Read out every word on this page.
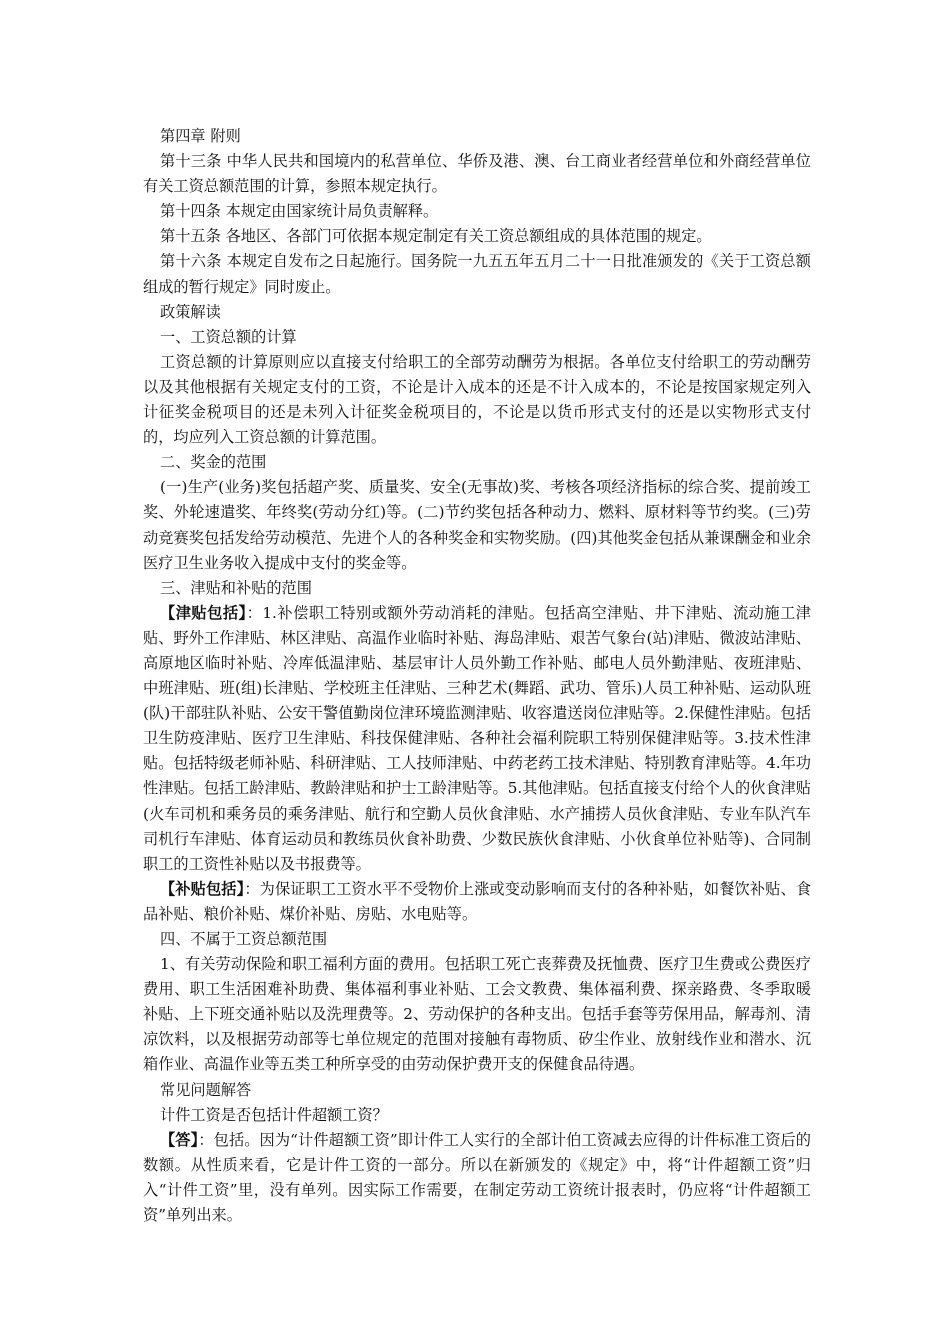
第四章 附则

第十三条 中华人民共和国境内的私营单位、华侨及港、澳、台工商业者经营单位和外商经营单位有关工资总额范围的计算，参照本规定执行。

第十四条 本规定由国家统计局负责解释。

第十五条 各地区、各部门可依据本规定制定有关工资总额组成的具体范围的规定。

第十六条 本规定自发布之日起施行。国务院一九五五年五月二十一日批准颁发的《关于工资总额组成的暂行规定》同时废止。

政策解读

一、工资总额的计算

工资总额的计算原则应以直接支付给职工的全部劳动酬劳为根据。各单位支付给职工的劳动酬劳以及其他根据有关规定支付的工资，不论是计入成本的还是不计入成本的，不论是按国家规定列入计征奖金税项目的还是未列入计征奖金税项目的，不论是以货币形式支付的还是以实物形式支付的，均应列入工资总额的计算范围。

二、奖金的范围

(一)生产(业务)奖包括超产奖、质量奖、安全(无事故)奖、考核各项经济指标的综合奖、提前竣工奖、外轮速遣奖、年终奖(劳动分红)等。(二)节约奖包括各种动力、燃料、原材料等节约奖。(三)劳动竞赛奖包括发给劳动模范、先进个人的各种奖金和实物奖励。(四)其他奖金包括从兼课酬金和业余医疗卫生业务收入提成中支付的奖金等。

三、津贴和补贴的范围

【津贴包括】：1.补偿职工特别或额外劳动消耗的津贴。包括高空津贴、井下津贴、流动施工津贴、野外工作津贴、林区津贴、高温作业临时补贴、海岛津贴、艰苦气象台(站)津贴、微波站津贴、高原地区临时补贴、冷库低温津贴、基层审计人员外勤工作补贴、邮电人员外勤津贴、夜班津贴、中班津贴、班(组)长津贴、学校班主任津贴、三种艺术(舞蹈、武功、管乐)人员工种补贴、运动队班(队)干部驻队补贴、公安干警值勤岗位津环境监测津贴、收容遣送岗位津贴等。2.保健性津贴。包括卫生防疫津贴、医疗卫生津贴、科技保健津贴、各种社会福利院职工特别保健津贴等。3.技术性津贴。包括特级老师补贴、科研津贴、工人技师津贴、中药老药工技术津贴、特别教育津贴等。4.年功性津贴。包括工龄津贴、教龄津贴和护士工龄津贴等。5.其他津贴。包括直接支付给个人的伙食津贴(火车司机和乘务员的乘务津贴、航行和空勤人员伙食津贴、水产捕捞人员伙食津贴、专业车队汽车司机行车津贴、体育运动员和教练员伙食补助费、少数民族伙食津贴、小伙食单位补贴等)、合同制职工的工资性补贴以及书报费等。

【补贴包括】：为保证职工工资水平不受物价上涨或变动影响而支付的各种补贴，如餐饮补贴、食品补贴、粮价补贴、煤价补贴、房贴、水电贴等。

四、不属于工资总额范围

1、有关劳动保险和职工福利方面的费用。包括职工死亡丧葬费及抚恤费、医疗卫生费或公费医疗费用、职工生活困难补助费、集体福利事业补贴、工会文教费、集体福利费、探亲路费、冬季取暖补贴、上下班交通补贴以及洗理费等。2、劳动保护的各种支出。包括手套等劳保用品，解毒剂、清凉饮料，以及根据劳动部等七单位规定的范围对接触有毒物质、矽尘作业、放射线作业和潜水、沉箱作业、高温作业等五类工种所享受的由劳动保护费开支的保健食品待遇。

常见问题解答

计件工资是否包括计件超额工资？

【答】：包括。因为“计件超额工资”即计件工人实行的全部计伯工资减去应得的计件标准工资后的数额。从性质来看，它是计件工资的一部分。所以在新颁发的《规定》中，将“计件超额工资”归入“计件工资”里，没有单列。因实际工作需要，在制定劳动工资统计报表时，仍应将“计件超额工资”单列出来。
